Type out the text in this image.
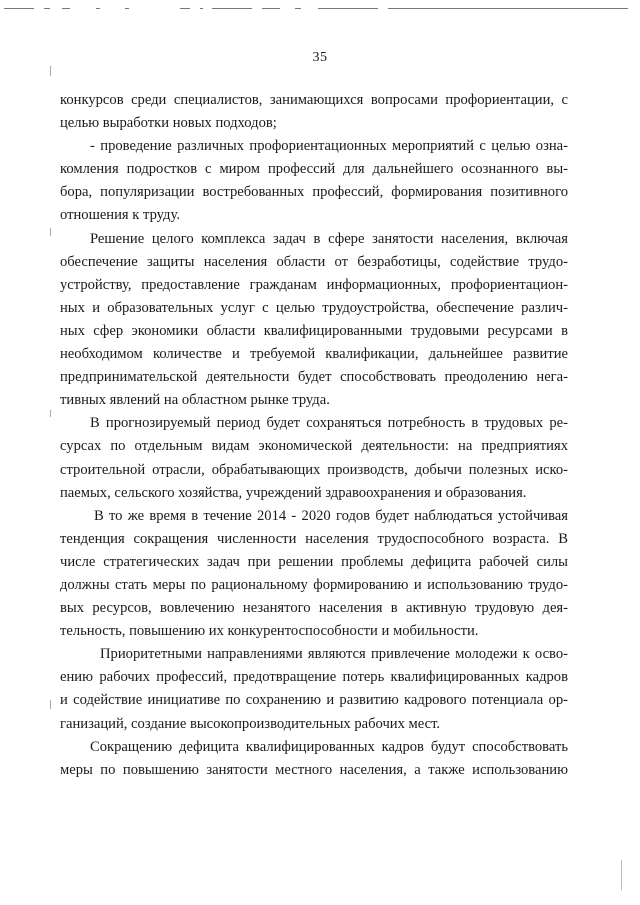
35
конкурсов среди специалистов, занимающихся вопросами профориентации, с
целью выработки новых подходов;
- проведение различных профориентационных мероприятий с целью озна-
комления подростков с миром профессий для дальнейшего осознанного вы-
бора, популяризации востребованных профессий, формирования позитивного
отношения к труду.
Решение целого комплекса задач в сфере занятости населения, включая
обеспечение защиты населения области от безработицы, содействие трудо-
устройству, предоставление гражданам информационных, профориентацион-
ных и образовательных услуг с целью трудоустройства, обеспечение различ-
ных сфер экономики области квалифицированными трудовыми ресурсами в
необходимом количестве и требуемой квалификации, дальнейшее развитие
предпринимательской деятельности будет способствовать преодолению нега-
тивных явлений на областном рынке труда.
В прогнозируемый период будет сохраняться потребность в трудовых ре-
сурсах по отдельным видам экономической деятельности: на предприятиях
строительной отрасли, обрабатывающих производств, добычи полезных иско-
паемых, сельского хозяйства, учреждений здравоохранения и образования.
В то же время в течение 2014 - 2020 годов будет наблюдаться устойчивая
тенденция сокращения численности населения трудоспособного возраста. В
числе стратегических задач при решении проблемы дефицита рабочей силы
должны стать меры по рациональному формированию и использованию трудо-
вых ресурсов, вовлечению незанятого населения в активную трудовую дея-
тельность, повышению их конкурентоспособности и мобильности.
Приоритетными направлениями являются привлечение молодежи к осво-
ению рабочих профессий, предотвращение потерь квалифицированных кадров
и содействие инициативе по сохранению и развитию кадрового потенциала ор-
ганизаций, создание высокопроизводительных рабочих мест.
Сокращению дефицита квалифицированных кадров будут способствовать
меры по повышению занятости местного населения, а также использованию
